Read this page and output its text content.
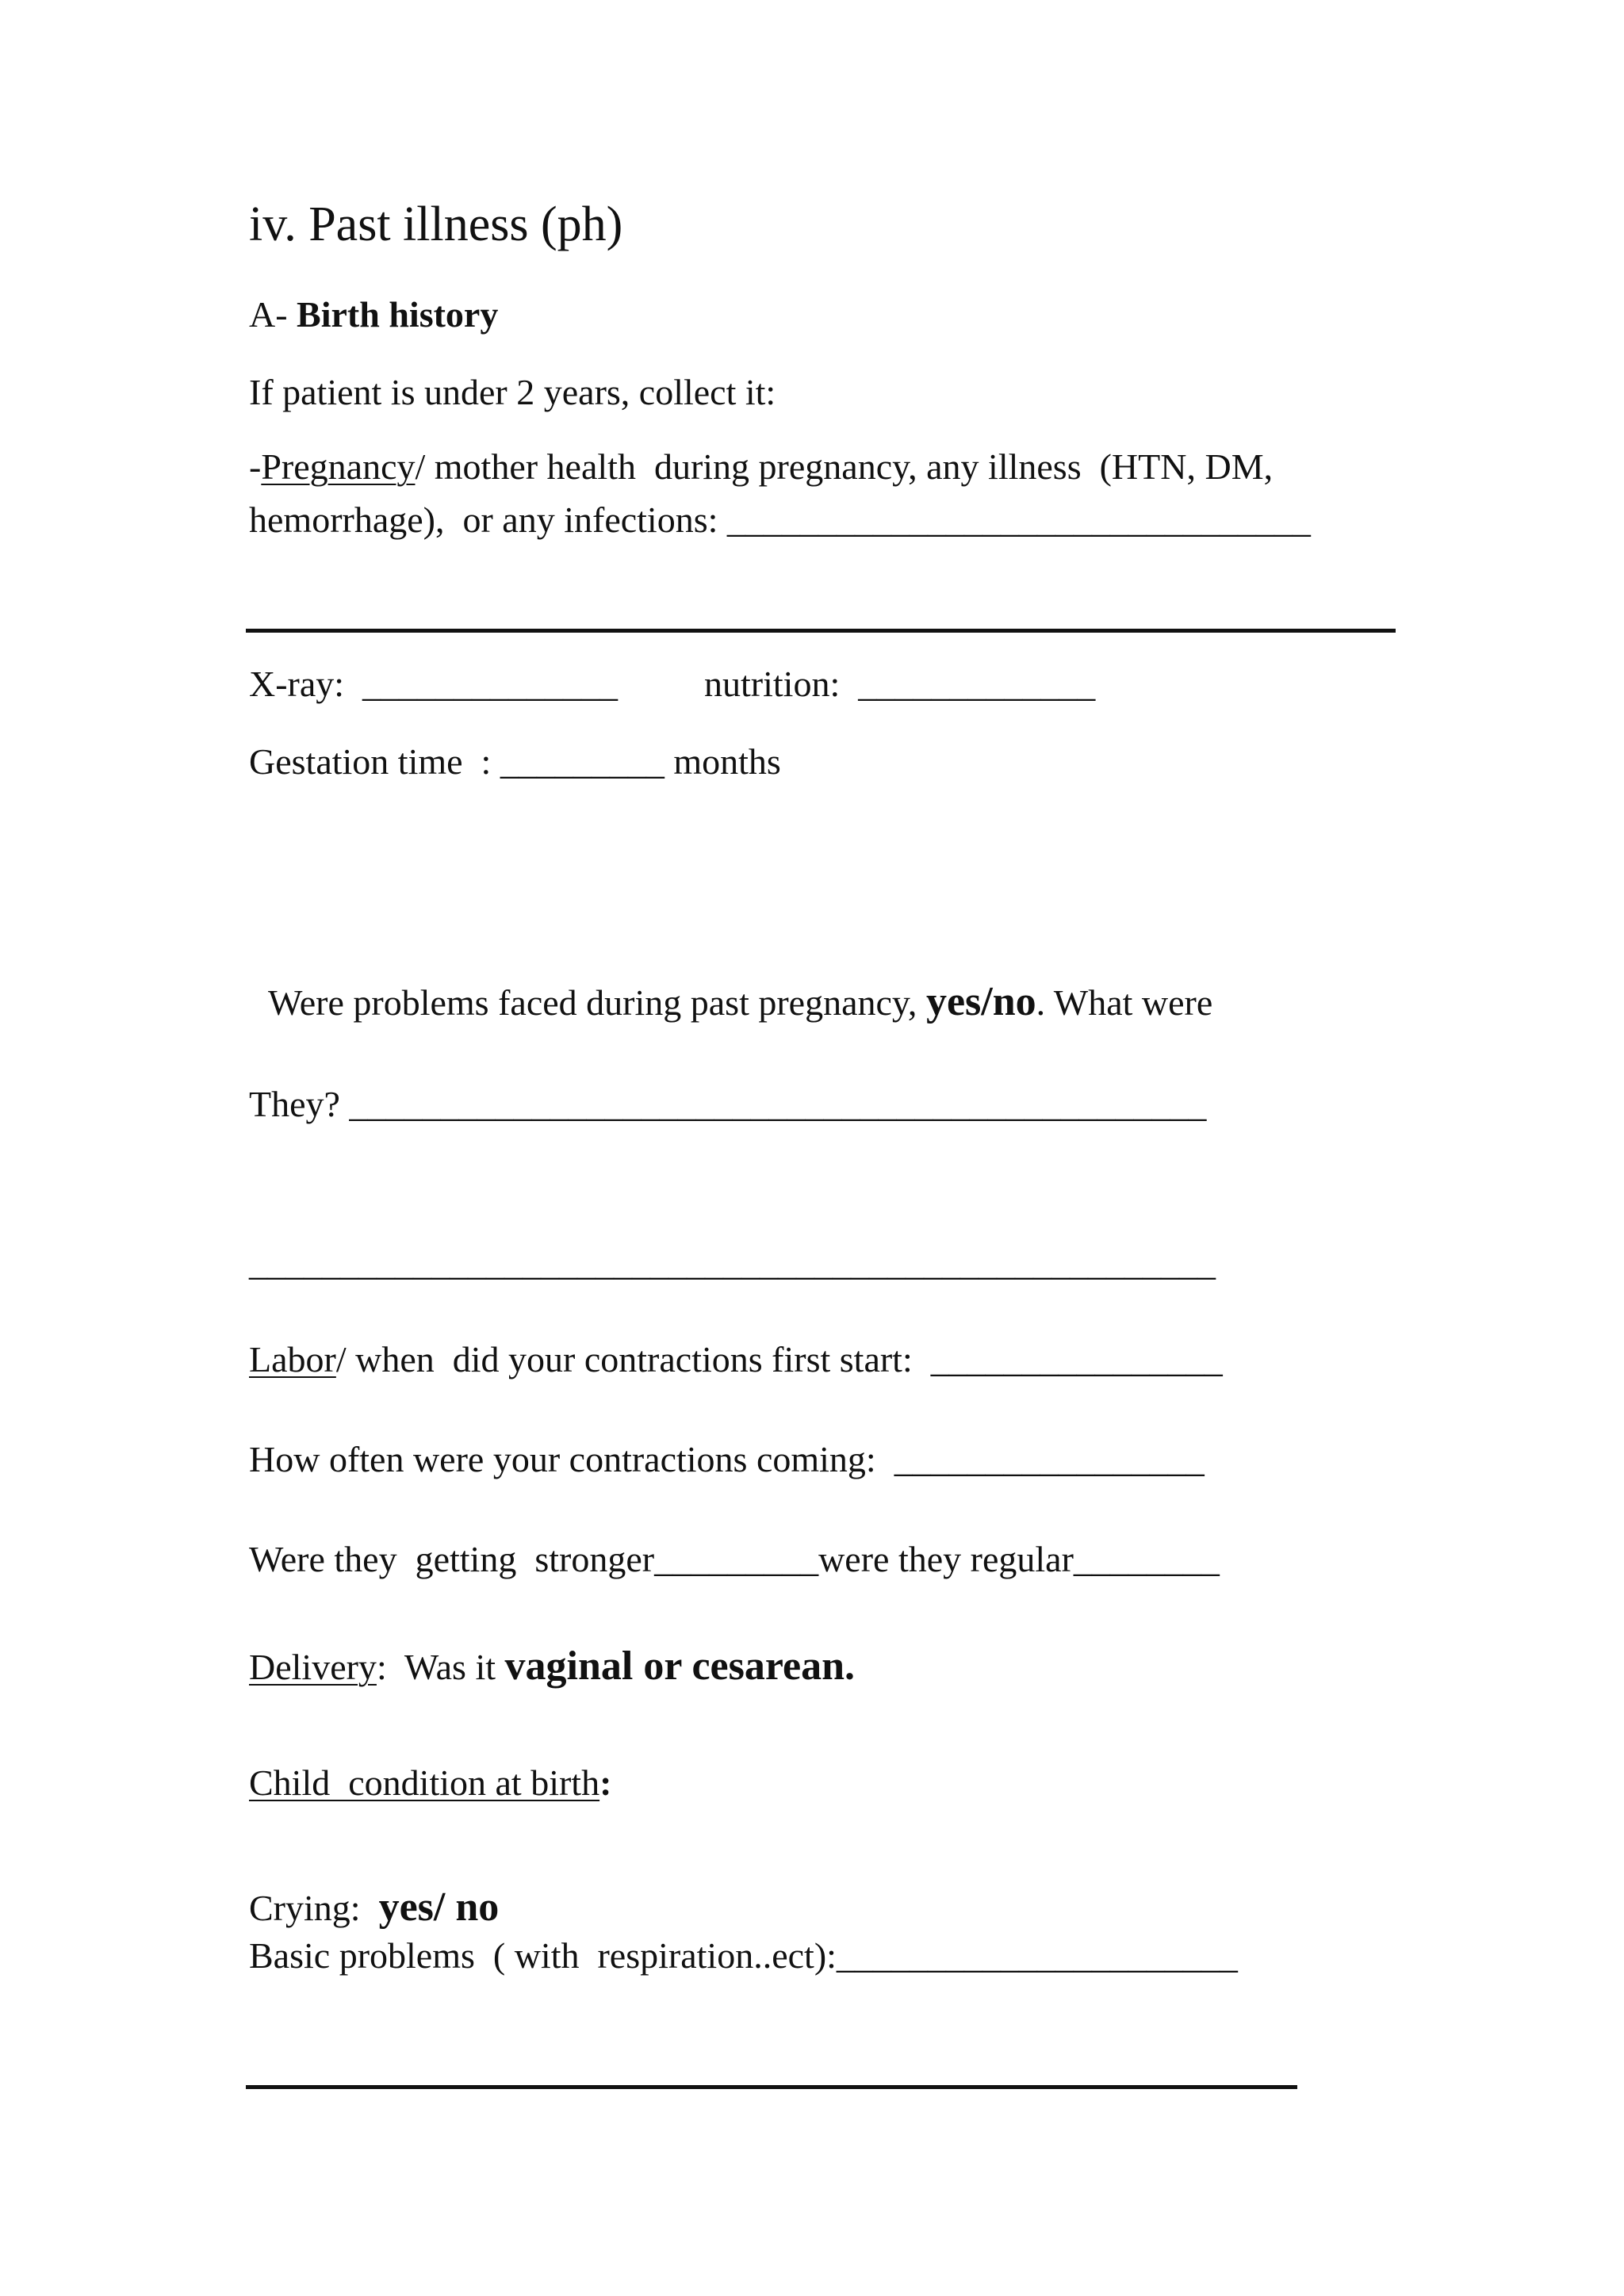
iv. Past illness (ph)
A- Birth history
If patient is under 2 years, collect it:
-Pregnancy/ mother health  during pregnancy, any illness  (HTN, DM,
hemorrhage),  or any infections: ________________________________
X-ray:  ______________ nutrition:  _____________
Gestation time  : _________ months
Were problems faced during past pregnancy, yes/no. What were
They? _______________________________________________
_____________________________________________________
Labor/ when  did your contractions first start:  ________________
How often were your contractions coming:  _________________
Were they  getting  stronger_________were they regular________
Delivery:  Was it vaginal or cesarean.
Child  condition at birth:
Crying:  yes/ no
Basic problems  ( with  respiration..ect):______________________
